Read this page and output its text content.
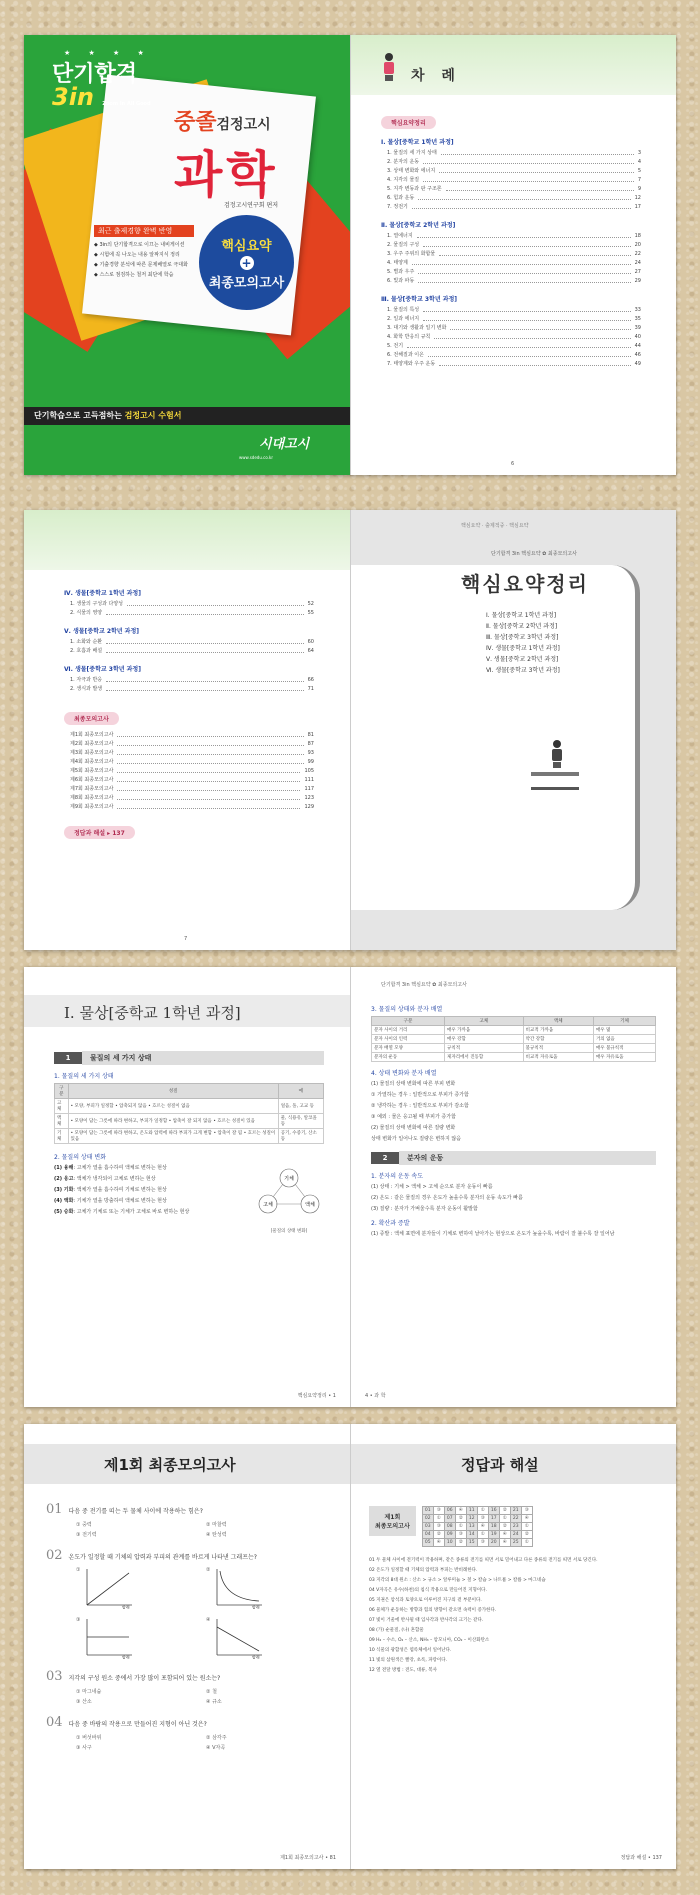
★ ★ ★ ★
단기합격
3in Zoom In All Good
중졸검정고시
과학
검정고시연구회 편저
최근 출제경향 완벽 반영
◆ 3in의 단기합격으로 이끄는 내비게이션
◆ 시험에 꼭 나오는 내용 알짜지식 정리
◆ 기출경향 분석에 따른 문제배열로 극대화
◆ 스스로 점검하는 철저 최단에 학습
핵심요약
+
최종모의고사
단기학습으로 고득점하는 검정고시 수험서
시대고시
www.sdedu.co.kr
차 례
핵심요약정리
Ⅰ. 물상[중학교 1학년 과정]
1. 물질의 세 가지 상태	3
2. 분자의 운동	4
3. 상태 변화와 에너지	5
4. 지각의 물질	7
5. 지각 변동과 판 구조론	9
6. 힘과 운동	12
7. 정전기	17
Ⅱ. 물상[중학교 2학년 과정]
1. 열에너지	18
2. 물질의 구성	20
3. 우주 주위의 화합물	22
4. 태양계	24
5. 별과 우주	27
6. 빛과 파동	29
Ⅲ. 물상[중학교 3학년 과정]
1. 물질의 특성	33
2. 일과 에너지	35
3. 대기와 생활과 일기 변화	39
4. 화학 반응의 규칙	40
5. 전기	44
6. 전해질과 이온	46
7. 태양계와 우주 운동	49
6
Ⅳ. 생물[중학교 1학년 과정]
1. 생물의 구성과 다양성	52
2. 식물의 영양	55
Ⅴ. 생물[중학교 2학년 과정]
1. 소화와 순환	60
2. 호흡과 배설	64
Ⅵ. 생물[중학교 3학년 과정]
1. 자극과 반응	66
2. 생식과 발생	71
최종모의고사
제1회 최종모의고사	81
제2회 최종모의고사	87
제3회 최종모의고사	93
제4회 최종모의고사	99
제5회 최종모의고사	105
제6회 최종모의고사	111
제7회 최종모의고사	117
제8회 최종모의고사	123
제9회 최종모의고사	129
정답과 해설 ▸ 137
7
핵심요약 · 출제적중 · 핵심요약
단기합격 3in 핵심요약 ✿ 최종모의고사
핵심요약정리
Ⅰ. 물상[중학교 1학년 과정]
Ⅱ. 물상[중학교 2학년 과정]
Ⅲ. 물상[중학교 3학년 과정]
Ⅳ. 생물[중학교 1학년 과정]
Ⅴ. 생물[중학교 2학년 과정]
Ⅵ. 생물[중학교 3학년 과정]
Ⅰ. 물상[중학교 1학년 과정]
1	물질의 세 가지 상태
1. 물질의 세 가지 상태
구분	성질	예
고체	• 모양, 부피가 일정함 • 압축되지 않음 • 흐르는 성질이 없음	얼음, 돌, 고교 등
액체	• 모양이 담는 그릇에 따라 변하고, 부피가 일정함 • 압축이 잘 되지 않음 • 흐르는 성질이 있음	물, 식용유, 알코올 등
기체	• 모양이 담는 그릇에 따라 변하고, 온도와 압력에 따라 부피가 크게 변함 • 압축이 잘 됨 • 흐르는 성질이 있음	공기, 수증기, 산소 등
2. 물질의 상태 변화
(1) 융해: 고체가 열을 흡수하여 액체로 변하는 현상
(2) 응고: 액체가 냉각되어 고체로 변하는 현상
(3) 기화: 액체가 열을 흡수하여 기체로 변하는 현상
(4) 액화: 기체가 열을 방출하여 액체로 변하는 현상
(5) 승화: 고체가 기체로 또는 기체가 고체로 바로 변하는 현상
기체
고체	액체
[물질의 상태 변화]
핵심요약정리 • 1
단기합격 3in 핵심요약 ✿ 최종모의고사
3. 물질의 상태와 분자 배열
구분	고체	액체	기체
분자 사이의 거리	매우 가까움	비교적 가까움	매우 멂
분자 사이의 인력	매우 강함	약간 강함	거의 없음
분자 배열 모양	규칙적	불규칙적	매우 불규칙적
분자의 운동	제자리에서 진동함	비교적 자유로움	매우 자유로움
4. 상태 변화와 분자 배열
(1) 물질의 상태 변화에 따른 부피 변화
① 가열하는 경우 : 일반적으로 부피가 증가함
② 냉각하는 경우 : 일반적으로 부피가 감소함
③ 예외 : 물은 응고될 때 부피가 증가함
(2) 물질의 상태 변화에 따른 질량 변화
상태 변화가 일어나도 질량은 변하지 않음
2	분자의 운동
1. 분자의 운동 속도
(1) 상태 : 기체 > 액체 > 고체 순으로 분자 운동이 빠름
(2) 온도 : 같은 물질의 경우 온도가 높을수록 분자의 운동 속도가 빠름
(3) 질량 : 분자가 가벼울수록 분자 운동이 활발함
2. 확산과 증발
(1) 증발 : 액체 표면에 분자들이 기체로 변하여 날아가는 현상으로 온도가 높을수록, 바람이 잘 불수록 잘 일어남
4 • 과 학
제1회 최종모의고사
01 다음 중 전기를 띠는 두 물체 사이에 작용하는 힘은?
① 중력	② 마찰력
③ 전기력	④ 탄성력
02 온도가 일정할 때 기체의 압력과 부피의 관계를 바르게 나타낸 그래프는?
①
압력
②
압력
③
압력
④
압력
03 지각의 구성 원소 중에서 가장 많이 포함되어 있는 원소는?
① 마그네슘	② 철
③ 산소	④ 규소
04 다음 중 바람의 작용으로 만들어진 지형이 아닌 것은?
① 버섯바위	② 삼각주
③ 사구	④ V자곡
제1회 최종모의고사 • 81
정답과 해설
제1회
최종모의고사
01	③	06	④	11	①	16	②	21	③
02	①	07	②	12	③	17	①	22	④
03	③	08	①	13	④	18	②	23	①
04	②	09	③	14	①	19	④	24	②
05	④	10	②	15	③	20	④	25	①
01 두 물체 사이에 전기력이 작용하며, 같은 종류의 전기를 띠면 서로 밀어내고 다른 종류의 전기를 띠면 서로 당긴다.
02 온도가 일정할 때 기체의 압력과 부피는 반비례한다.
03 지각의 8대 원소 : 산소 > 규소 > 알루미늄 > 철 > 칼슘 > 나트륨 > 칼륨 > 마그네슘
04 V자곡은 유수(하천)의 침식 작용으로 만들어진 지형이다.
05 지권은 암석과 토양으로 이루어진 지구의 겉 부분이다.
06 물체가 운동하는 방향과 힘의 방향이 같으면 속력이 증가한다.
07 빛이 거울에 반사될 때 입사각과 반사각의 크기는 같다.
08 (가) 순물질, (나) 혼합물
09 H₂ – 수소, O₂ – 산소, NH₃ – 암모니아, CO₂ – 이산화탄소
10 식물의 광합성은 엽록체에서 일어난다.
11 빛의 삼원색은 빨강, 초록, 파랑이다.
12 열 전달 방법 : 전도, 대류, 복사
정답과 해설 • 137
